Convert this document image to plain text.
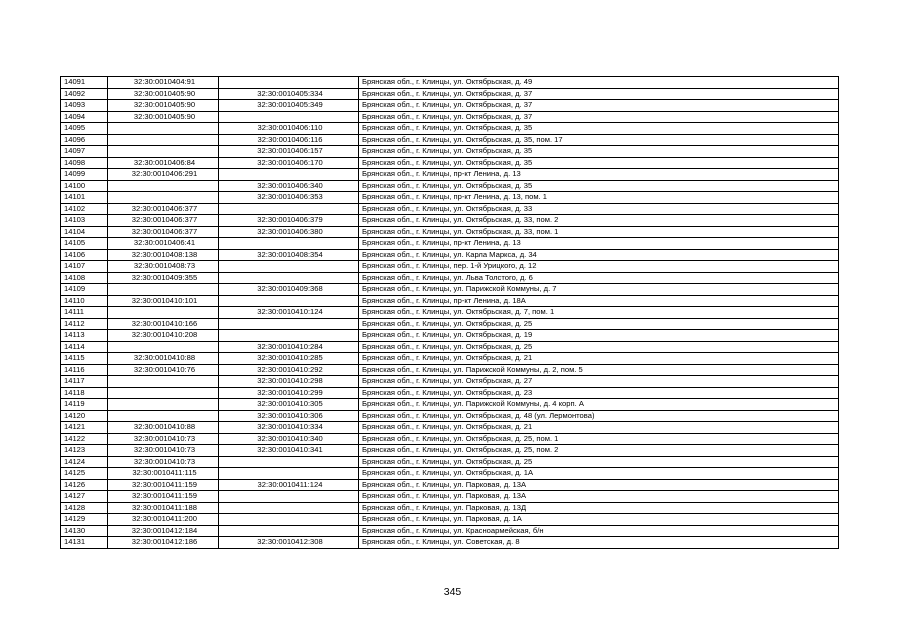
14091	32:30:0010404:91		Брянская обл., г. Клинцы, ул. Октябрьская, д. 49
14092	32:30:0010405:90	32:30:0010405:334	Брянская обл., г. Клинцы, ул. Октябрьская, д. 37
14093	32:30:0010405:90	32:30:0010405:349	Брянская обл., г. Клинцы, ул. Октябрьская, д. 37
14094	32:30:0010405:90		Брянская обл., г. Клинцы, ул. Октябрьская, д. 37
14095		32:30:0010406:110	Брянская обл., г. Клинцы, ул. Октябрьская, д. 35
14096		32:30:0010406:116	Брянская обл., г. Клинцы, ул. Октябрьская, д. 35, пом. 17
14097		32:30:0010406:157	Брянская обл., г. Клинцы, ул. Октябрьская, д. 35
14098	32:30:0010406:84	32:30:0010406:170	Брянская обл., г. Клинцы, ул. Октябрьская, д. 35
14099	32:30:0010406:291		Брянская обл., г. Клинцы, пр-кт Ленина, д. 13
14100		32:30:0010406:340	Брянская обл., г. Клинцы, ул. Октябрьская, д. 35
14101		32:30:0010406:353	Брянская обл., г. Клинцы, пр-кт Ленина, д. 13, пом. 1
14102	32:30:0010406:377		Брянская обл., г. Клинцы, ул. Октябрьская, д. 33
14103	32:30:0010406:377	32:30:0010406:379	Брянская обл., г. Клинцы, ул. Октябрьская, д. 33, пом. 2
14104	32:30:0010406:377	32:30:0010406:380	Брянская обл., г. Клинцы, ул. Октябрьская, д. 33, пом. 1
14105	32:30:0010406:41		Брянская обл., г. Клинцы, пр-кт Ленина, д. 13
14106	32:30:0010408:138	32:30:0010408:354	Брянская обл., г. Клинцы, ул. Карла Маркса, д. 34
14107	32:30:0010408:73		Брянская обл., г. Клинцы, пер. 1-й Урицкого, д. 12
14108	32:30:0010409:355		Брянская обл., г. Клинцы, ул. Льва Толстого, д. 6
14109		32:30:0010409:368	Брянская обл., г. Клинцы, ул. Парижской Коммуны, д. 7
14110	32:30:0010410:101		Брянская обл., г. Клинцы, пр-кт Ленина, д. 18А
14111		32:30:0010410:124	Брянская обл., г. Клинцы, ул. Октябрьская, д. 7, пом. 1
14112	32:30:0010410:166		Брянская обл., г. Клинцы, ул. Октябрьская, д. 25
14113	32:30:0010410:208		Брянская обл., г. Клинцы, ул. Октябрьская, д. 19
14114		32:30:0010410:284	Брянская обл., г. Клинцы, ул. Октябрьская, д. 25
14115	32:30:0010410:88	32:30:0010410:285	Брянская обл., г. Клинцы, ул. Октябрьская, д. 21
14116	32:30:0010410:76	32:30:0010410:292	Брянская обл., г. Клинцы, ул. Парижской Коммуны, д. 2, пом. 5
14117		32:30:0010410:298	Брянская обл., г. Клинцы, ул. Октябрьская, д. 27
14118		32:30:0010410:299	Брянская обл., г. Клинцы, ул. Октябрьская, д. 23
14119		32:30:0010410:305	Брянская обл., г. Клинцы, ул. Парижской Коммуны, д. 4 корп. А
14120		32:30:0010410:306	Брянская обл., г. Клинцы, ул. Октябрьская, д. 48 (ул. Лермонтова)
14121	32:30:0010410:88	32:30:0010410:334	Брянская обл., г. Клинцы, ул. Октябрьская, д. 21
14122	32:30:0010410:73	32:30:0010410:340	Брянская обл., г. Клинцы, ул. Октябрьская, д. 25, пом. 1
14123	32:30:0010410:73	32:30:0010410:341	Брянская обл., г. Клинцы, ул. Октябрьская, д. 25, пом. 2
14124	32:30:0010410:73		Брянская обл., г. Клинцы, ул. Октябрьская, д. 25
14125	32:30:0010411:115		Брянская обл., г. Клинцы, ул. Октябрьская, д. 1А
14126	32:30:0010411:159	32:30:0010411:124	Брянская обл., г. Клинцы, ул. Парковая, д. 13А
14127	32:30:0010411:159		Брянская обл., г. Клинцы, ул. Парковая, д. 13А
14128	32:30:0010411:188		Брянская обл., г. Клинцы, ул. Парковая, д. 13Д
14129	32:30:0010411:200		Брянская обл., г. Клинцы, ул. Парковая, д. 1А
14130	32:30:0010412:184		Брянская обл., г. Клинцы, ул. Красноармейская, б/н
14131	32:30:0010412:186	32:30:0010412:308	Брянская обл., г. Клинцы, ул. Советская, д. 8
345
